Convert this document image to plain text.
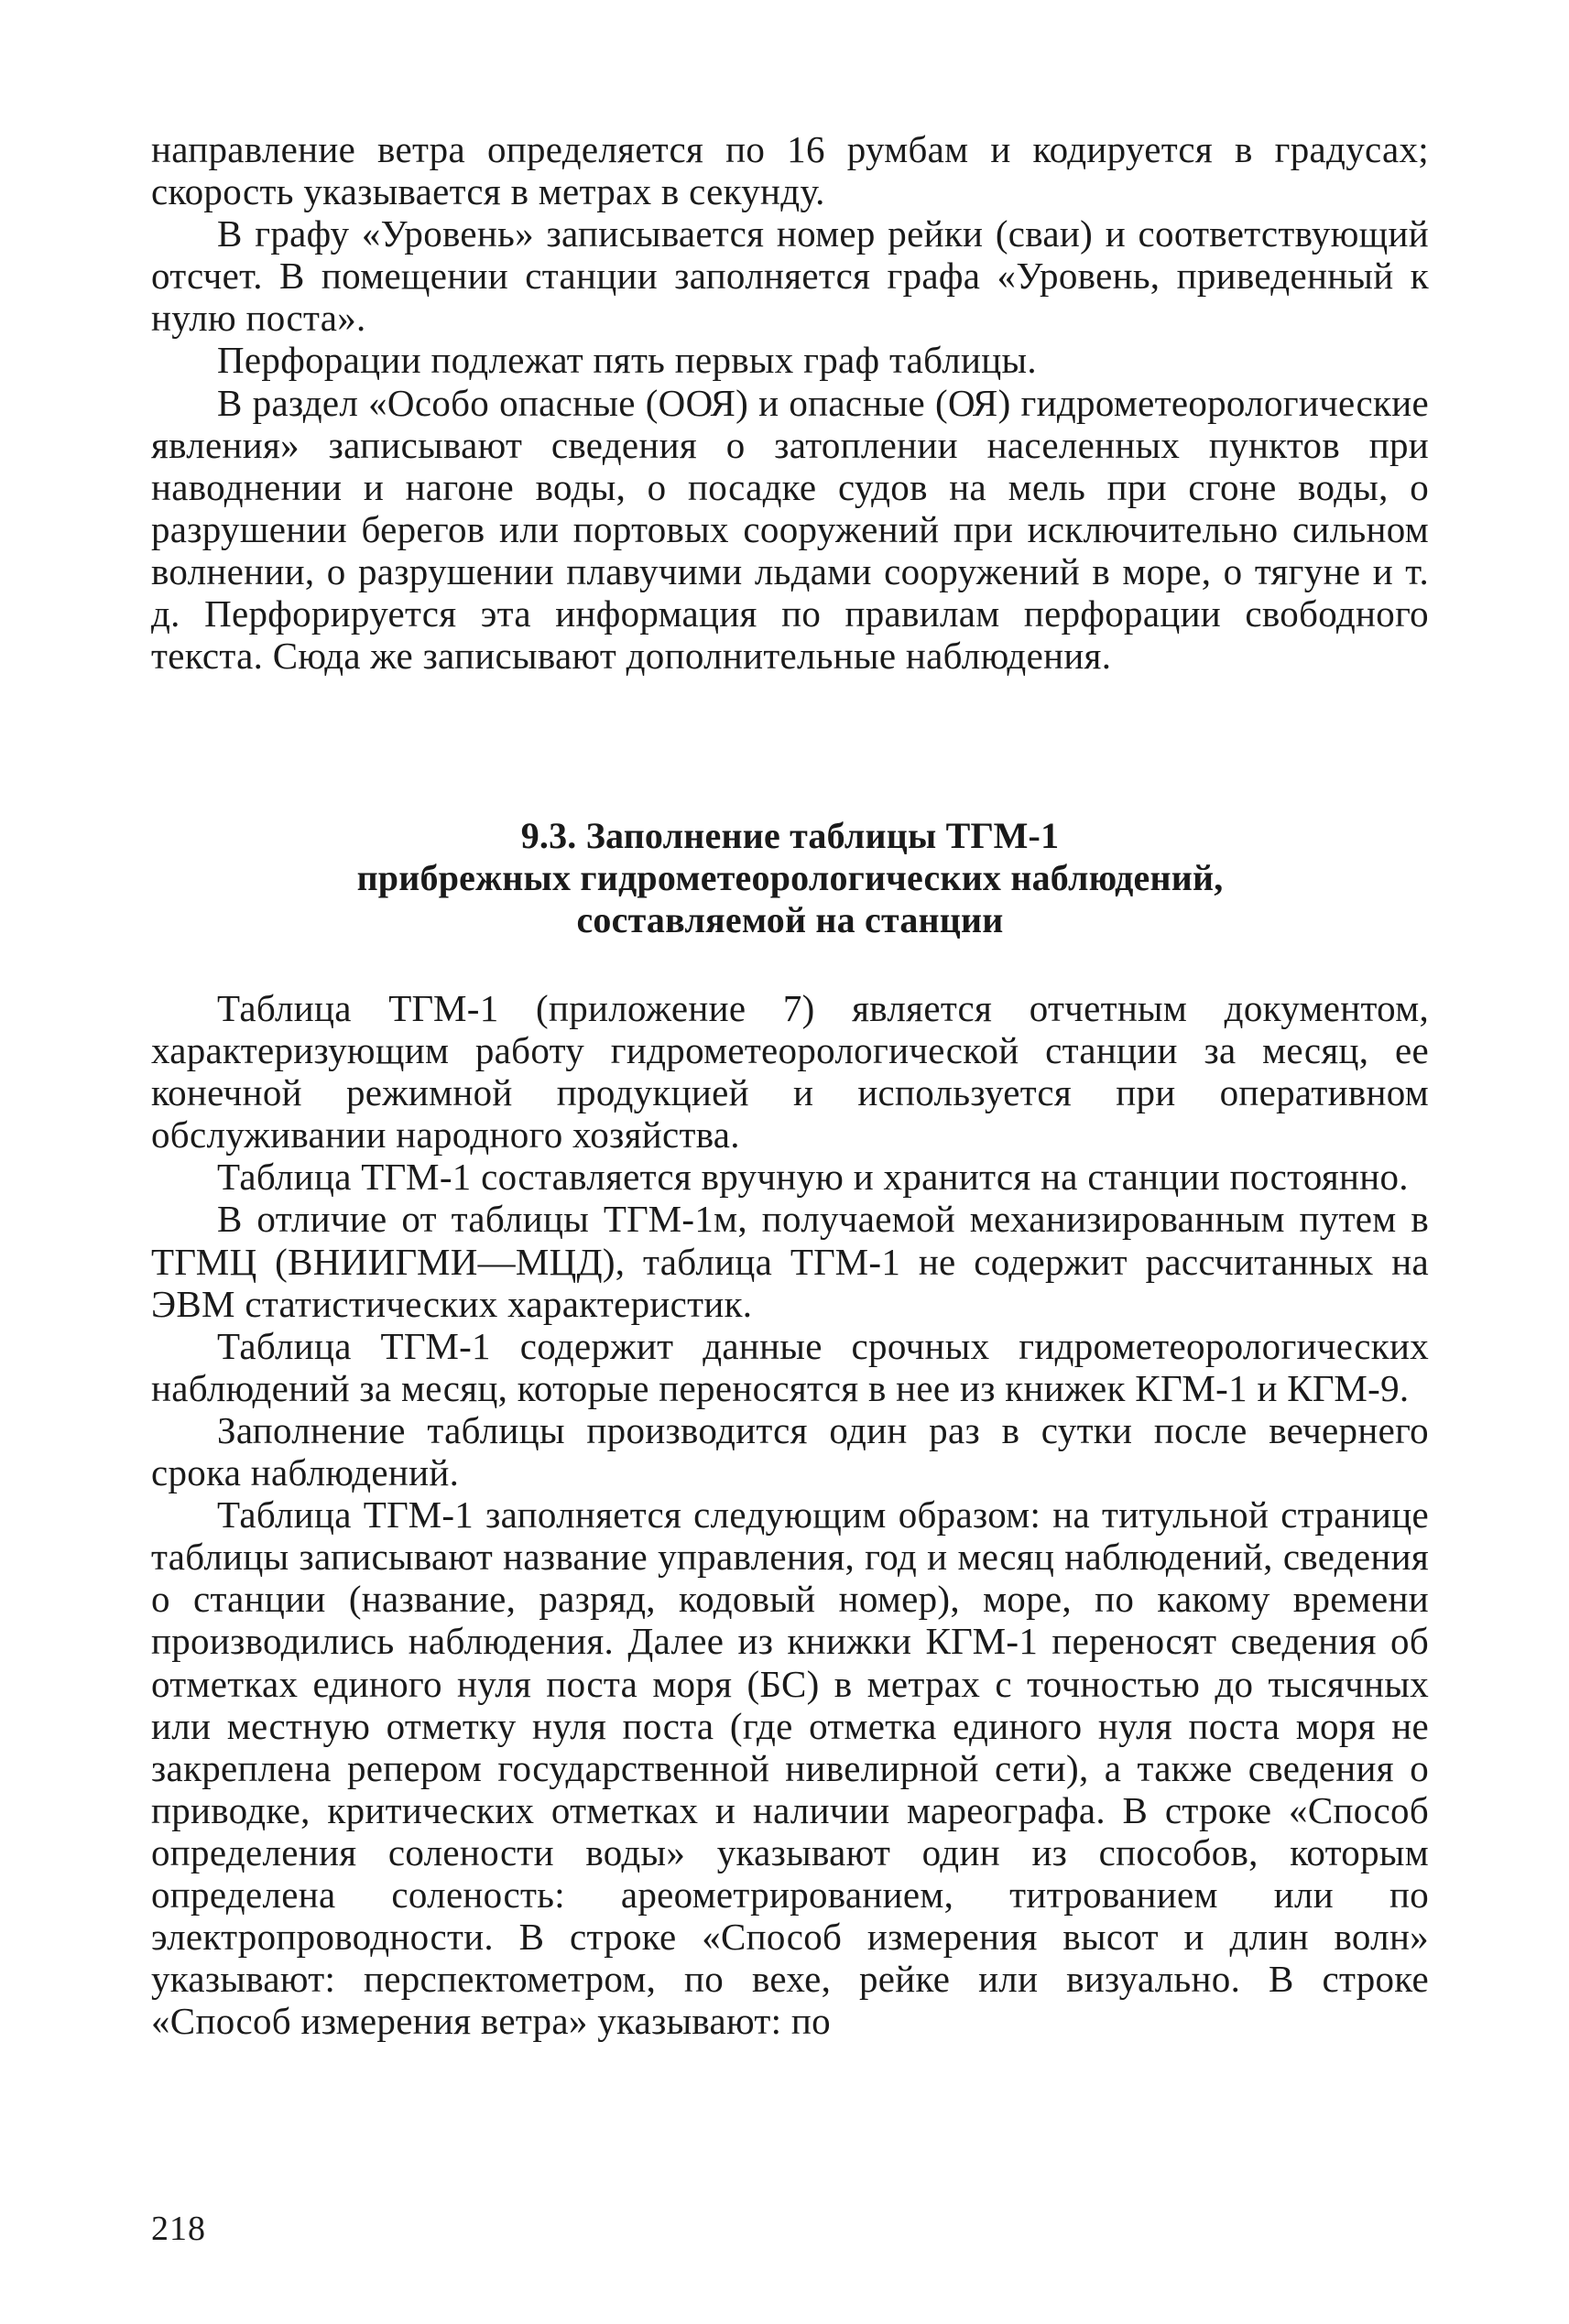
направление ветра определяется по 16 румбам и кодируется в градусах; скорость указывается в метрах в секунду.

В графу «Уровень» записывается номер рейки (сваи) и соответствующий отсчет. В помещении станции заполняется графа «Уровень, приведенный к нулю поста».

Перфорации подлежат пять первых граф таблицы.

В раздел «Особо опасные (ООЯ) и опасные (ОЯ) гидрометеорологические явления» записывают сведения о затоплении населенных пунктов при наводнении и нагоне воды, о посадке судов на мель при сгоне воды, о разрушении берегов или портовых сооружений при исключительно сильном волнении, о разрушении плавучими льдами сооружений в море, о тягуне и т. д. Перфорируется эта информация по правилам перфорации свободного текста. Сюда же записывают дополнительные наблюдения.

9.3. Заполнение таблицы ТГМ-1
прибрежных гидрометеорологических наблюдений,
составляемой на станции

Таблица ТГМ-1 (приложение 7) является отчетным документом, характеризующим работу гидрометеорологической станции за месяц, ее конечной режимной продукцией и используется при оперативном обслуживании народного хозяйства.

Таблица ТГМ-1 составляется вручную и хранится на станции постоянно.

В отличие от таблицы ТГМ-1м, получаемой механизированным путем в ТГМЦ (ВНИИГМИ—МЦД), таблица ТГМ-1 не содержит рассчитанных на ЭВМ статистических характеристик.

Таблица ТГМ-1 содержит данные срочных гидрометеорологических наблюдений за месяц, которые переносятся в нее из книжек КГМ-1 и КГМ-9.

Заполнение таблицы производится один раз в сутки после вечернего срока наблюдений.

Таблица ТГМ-1 заполняется следующим образом: на титульной странице таблицы записывают название управления, год и месяц наблюдений, сведения о станции (название, разряд, кодовый номер), море, по какому времени производились наблюдения. Далее из книжки КГМ-1 переносят сведения об отметках единого нуля поста моря (БС) в метрах с точностью до тысячных или местную отметку нуля поста (где отметка единого нуля поста моря не закреплена репером государственной нивелирной сети), а также сведения о приводке, критических отметках и наличии мареографа. В строке «Способ определения солености воды» указывают один из способов, которым определена соленость: ареометрированием, титрованием или по электропроводности. В строке «Способ измерения высот и длин волн» указывают: перспектометром, по вехе, рейке или визуально. В строке «Способ измерения ветра» указывают: по

218
